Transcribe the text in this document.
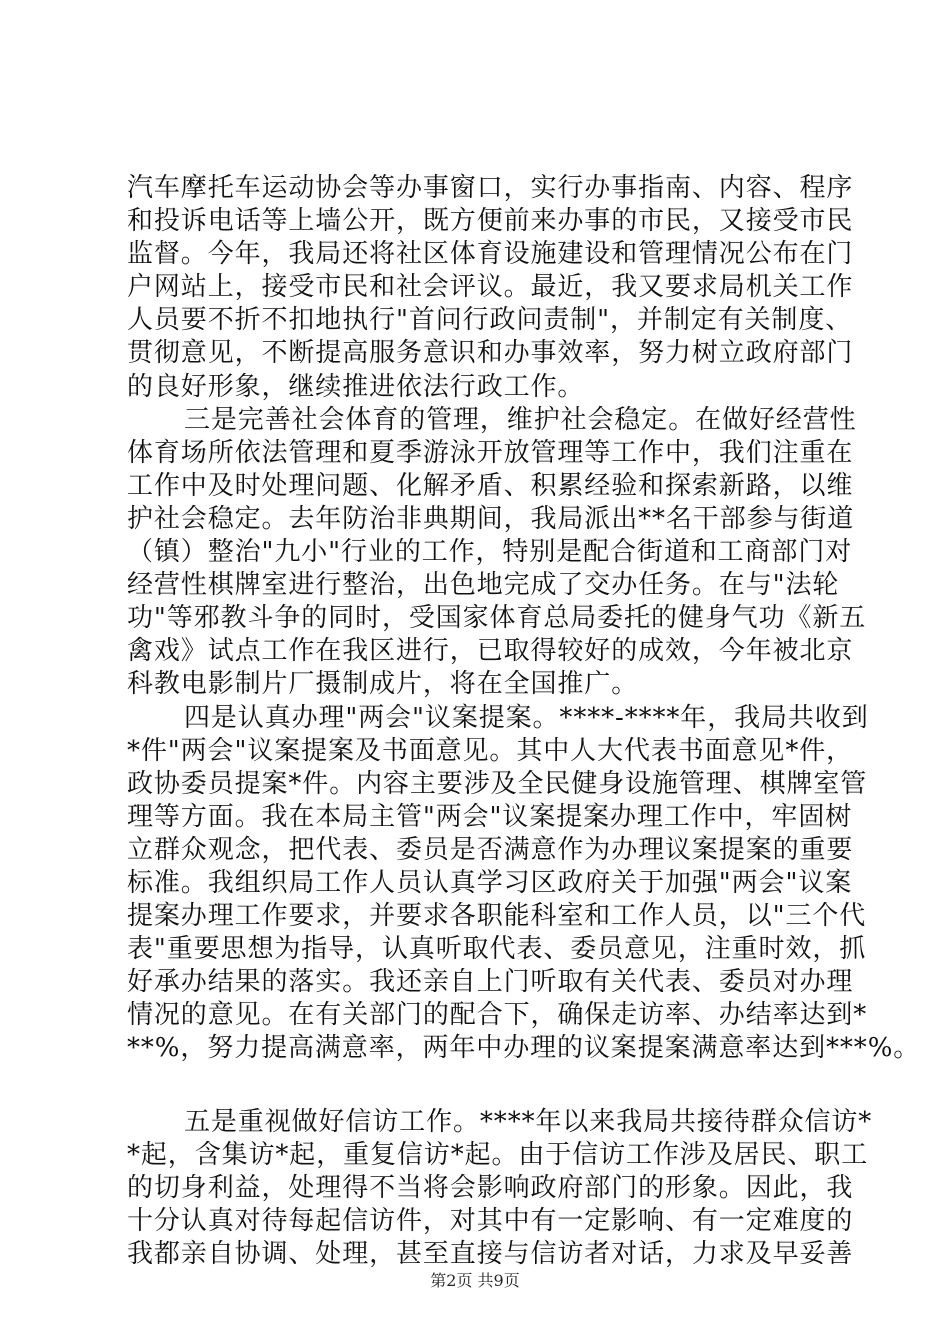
汽车摩托车运动协会等办事窗口，实行办事指南、内容、程序
和投诉电话等上墙公开，既方便前来办事的市民，又接受市民
监督。今年，我局还将社区体育设施建设和管理情况公布在门
户网站上，接受市民和社会评议。最近，我又要求局机关工作
人员要不折不扣地执行"首问行政问责制"，并制定有关制度、
贯彻意见，不断提高服务意识和办事效率，努力树立政府部门
的良好形象，继续推进依法行政工作。
三是完善社会体育的管理，维护社会稳定。在做好经营性
体育场所依法管理和夏季游泳开放管理等工作中，我们注重在
工作中及时处理问题、化解矛盾、积累经验和探索新路，以维
护社会稳定。去年防治非典期间，我局派出**名干部参与街道
（镇）整治"九小"行业的工作，特别是配合街道和工商部门对
经营性棋牌室进行整治，出色地完成了交办任务。在与"法轮
功"等邪教斗争的同时，受国家体育总局委托的健身气功《新五
禽戏》试点工作在我区进行，已取得较好的成效，今年被北京
科教电影制片厂摄制成片，将在全国推广。
四是认真办理"两会"议案提案。****-****年，我局共收到
*件"两会"议案提案及书面意见。其中人大代表书面意见*件，
政协委员提案*件。内容主要涉及全民健身设施管理、棋牌室管
理等方面。我在本局主管"两会"议案提案办理工作中，牢固树
立群众观念，把代表、委员是否满意作为办理议案提案的重要
标准。我组织局工作人员认真学习区政府关于加强"两会"议案
提案办理工作要求，并要求各职能科室和工作人员，以"三个代
表"重要思想为指导，认真听取代表、委员意见，注重时效，抓
好承办结果的落实。我还亲自上门听取有关代表、委员对办理
情况的意见。在有关部门的配合下，确保走访率、办结率达到*
**%，努力提高满意率，两年中办理的议案提案满意率达到***%。
五是重视做好信访工作。****年以来我局共接待群众信访*
*起，含集访*起，重复信访*起。由于信访工作涉及居民、职工
的切身利益，处理得不当将会影响政府部门的形象。因此，我
十分认真对待每起信访件，对其中有一定影响、有一定难度的
我都亲自协调、处理，甚至直接与信访者对话，力求及早妥善
第2页 共9页
